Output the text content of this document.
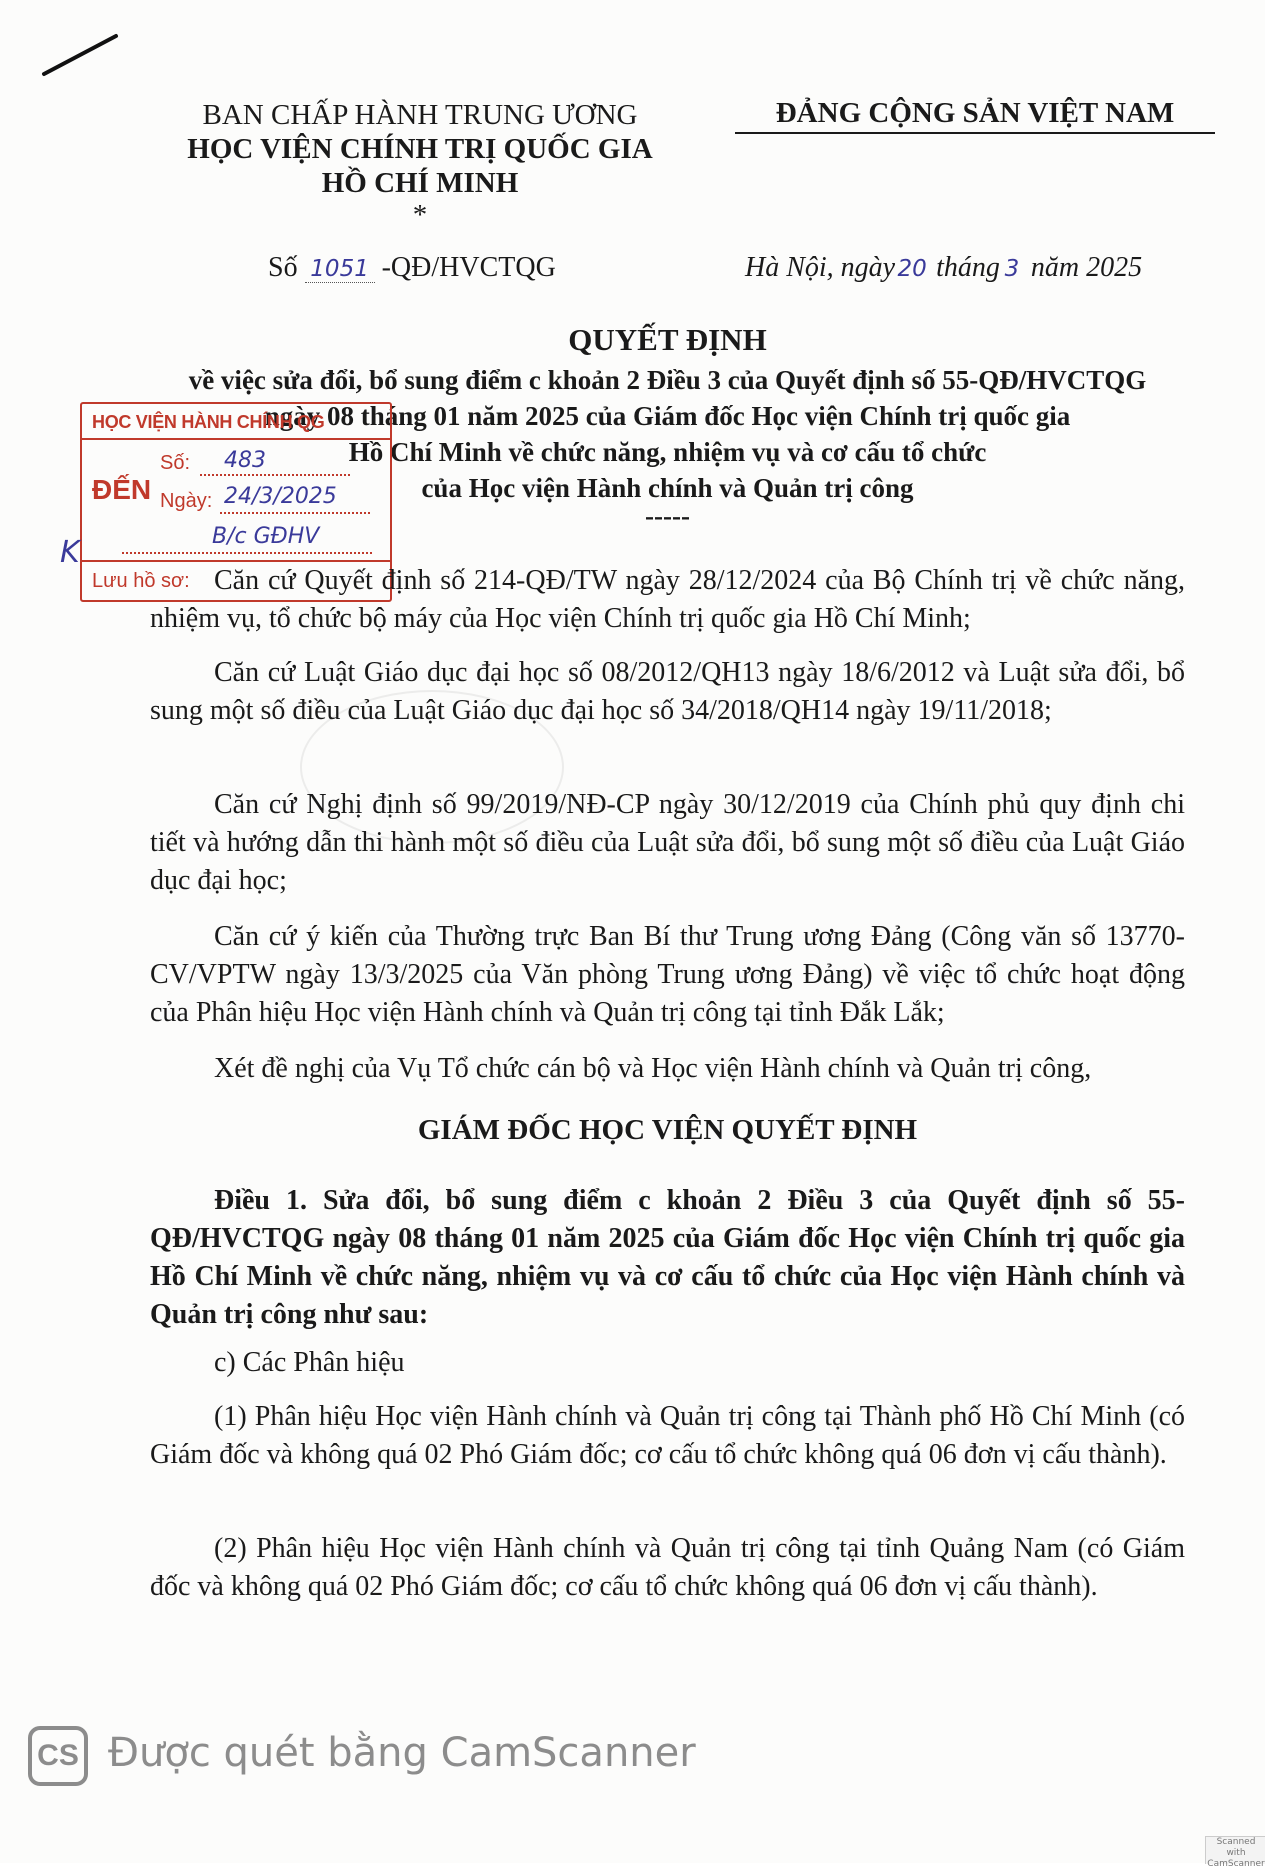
BAN CHẤP HÀNH TRUNG ƯƠNG
HỌC VIỆN CHÍNH TRỊ QUỐC GIA
HỒ CHÍ MINH
*
ĐẢNG CỘNG SẢN VIỆT NAM
Số 1051 -QĐ/HVCTQG	Hà Nội, ngày 20 tháng 3 năm 2025
QUYẾT ĐỊNH
về việc sửa đổi, bổ sung điểm c khoản 2 Điều 3 của Quyết định số 55-QĐ/HVCTQG
ngày 08 tháng 01 năm 2025 của Giám đốc Học viện Chính trị quốc gia
Hồ Chí Minh về chức năng, nhiệm vụ và cơ cấu tổ chức
của Học viện Hành chính và Quản trị công
-----
HỌC VIỆN HÀNH CHÍNH QG
ĐẾN
Số: 483
Ngày: 24/3/2025
B/c GĐHV
Lưu hồ sơ:
K
Căn cứ Quyết định số 214-QĐ/TW ngày 28/12/2024 của Bộ Chính trị về chức năng, nhiệm vụ, tổ chức bộ máy của Học viện Chính trị quốc gia Hồ Chí Minh;
Căn cứ Luật Giáo dục đại học số 08/2012/QH13 ngày 18/6/2012 và Luật sửa đổi, bổ sung một số điều của Luật Giáo dục đại học số 34/2018/QH14 ngày 19/11/2018;
Căn cứ Nghị định số 99/2019/NĐ-CP ngày 30/12/2019 của Chính phủ quy định chi tiết và hướng dẫn thi hành một số điều của Luật sửa đổi, bổ sung một số điều của Luật Giáo dục đại học;
Căn cứ ý kiến của Thường trực Ban Bí thư Trung ương Đảng (Công văn số 13770-CV/VPTW ngày 13/3/2025 của Văn phòng Trung ương Đảng) về việc tổ chức hoạt động của Phân hiệu Học viện Hành chính và Quản trị công tại tỉnh Đắk Lắk;
Xét đề nghị của Vụ Tổ chức cán bộ và Học viện Hành chính và Quản trị công,
GIÁM ĐỐC HỌC VIỆN QUYẾT ĐỊNH
Điều 1. Sửa đổi, bổ sung điểm c khoản 2 Điều 3 của Quyết định số 55-QĐ/HVCTQG ngày 08 tháng 01 năm 2025 của Giám đốc Học viện Chính trị quốc gia Hồ Chí Minh về chức năng, nhiệm vụ và cơ cấu tổ chức của Học viện Hành chính và Quản trị công như sau:
c) Các Phân hiệu
(1) Phân hiệu Học viện Hành chính và Quản trị công tại Thành phố Hồ Chí Minh (có Giám đốc và không quá 02 Phó Giám đốc; cơ cấu tổ chức không quá 06 đơn vị cấu thành).
(2) Phân hiệu Học viện Hành chính và Quản trị công tại tỉnh Quảng Nam (có Giám đốc và không quá 02 Phó Giám đốc; cơ cấu tổ chức không quá 06 đơn vị cấu thành).
CS Được quét bằng CamScanner
Scanned with CamScanner
